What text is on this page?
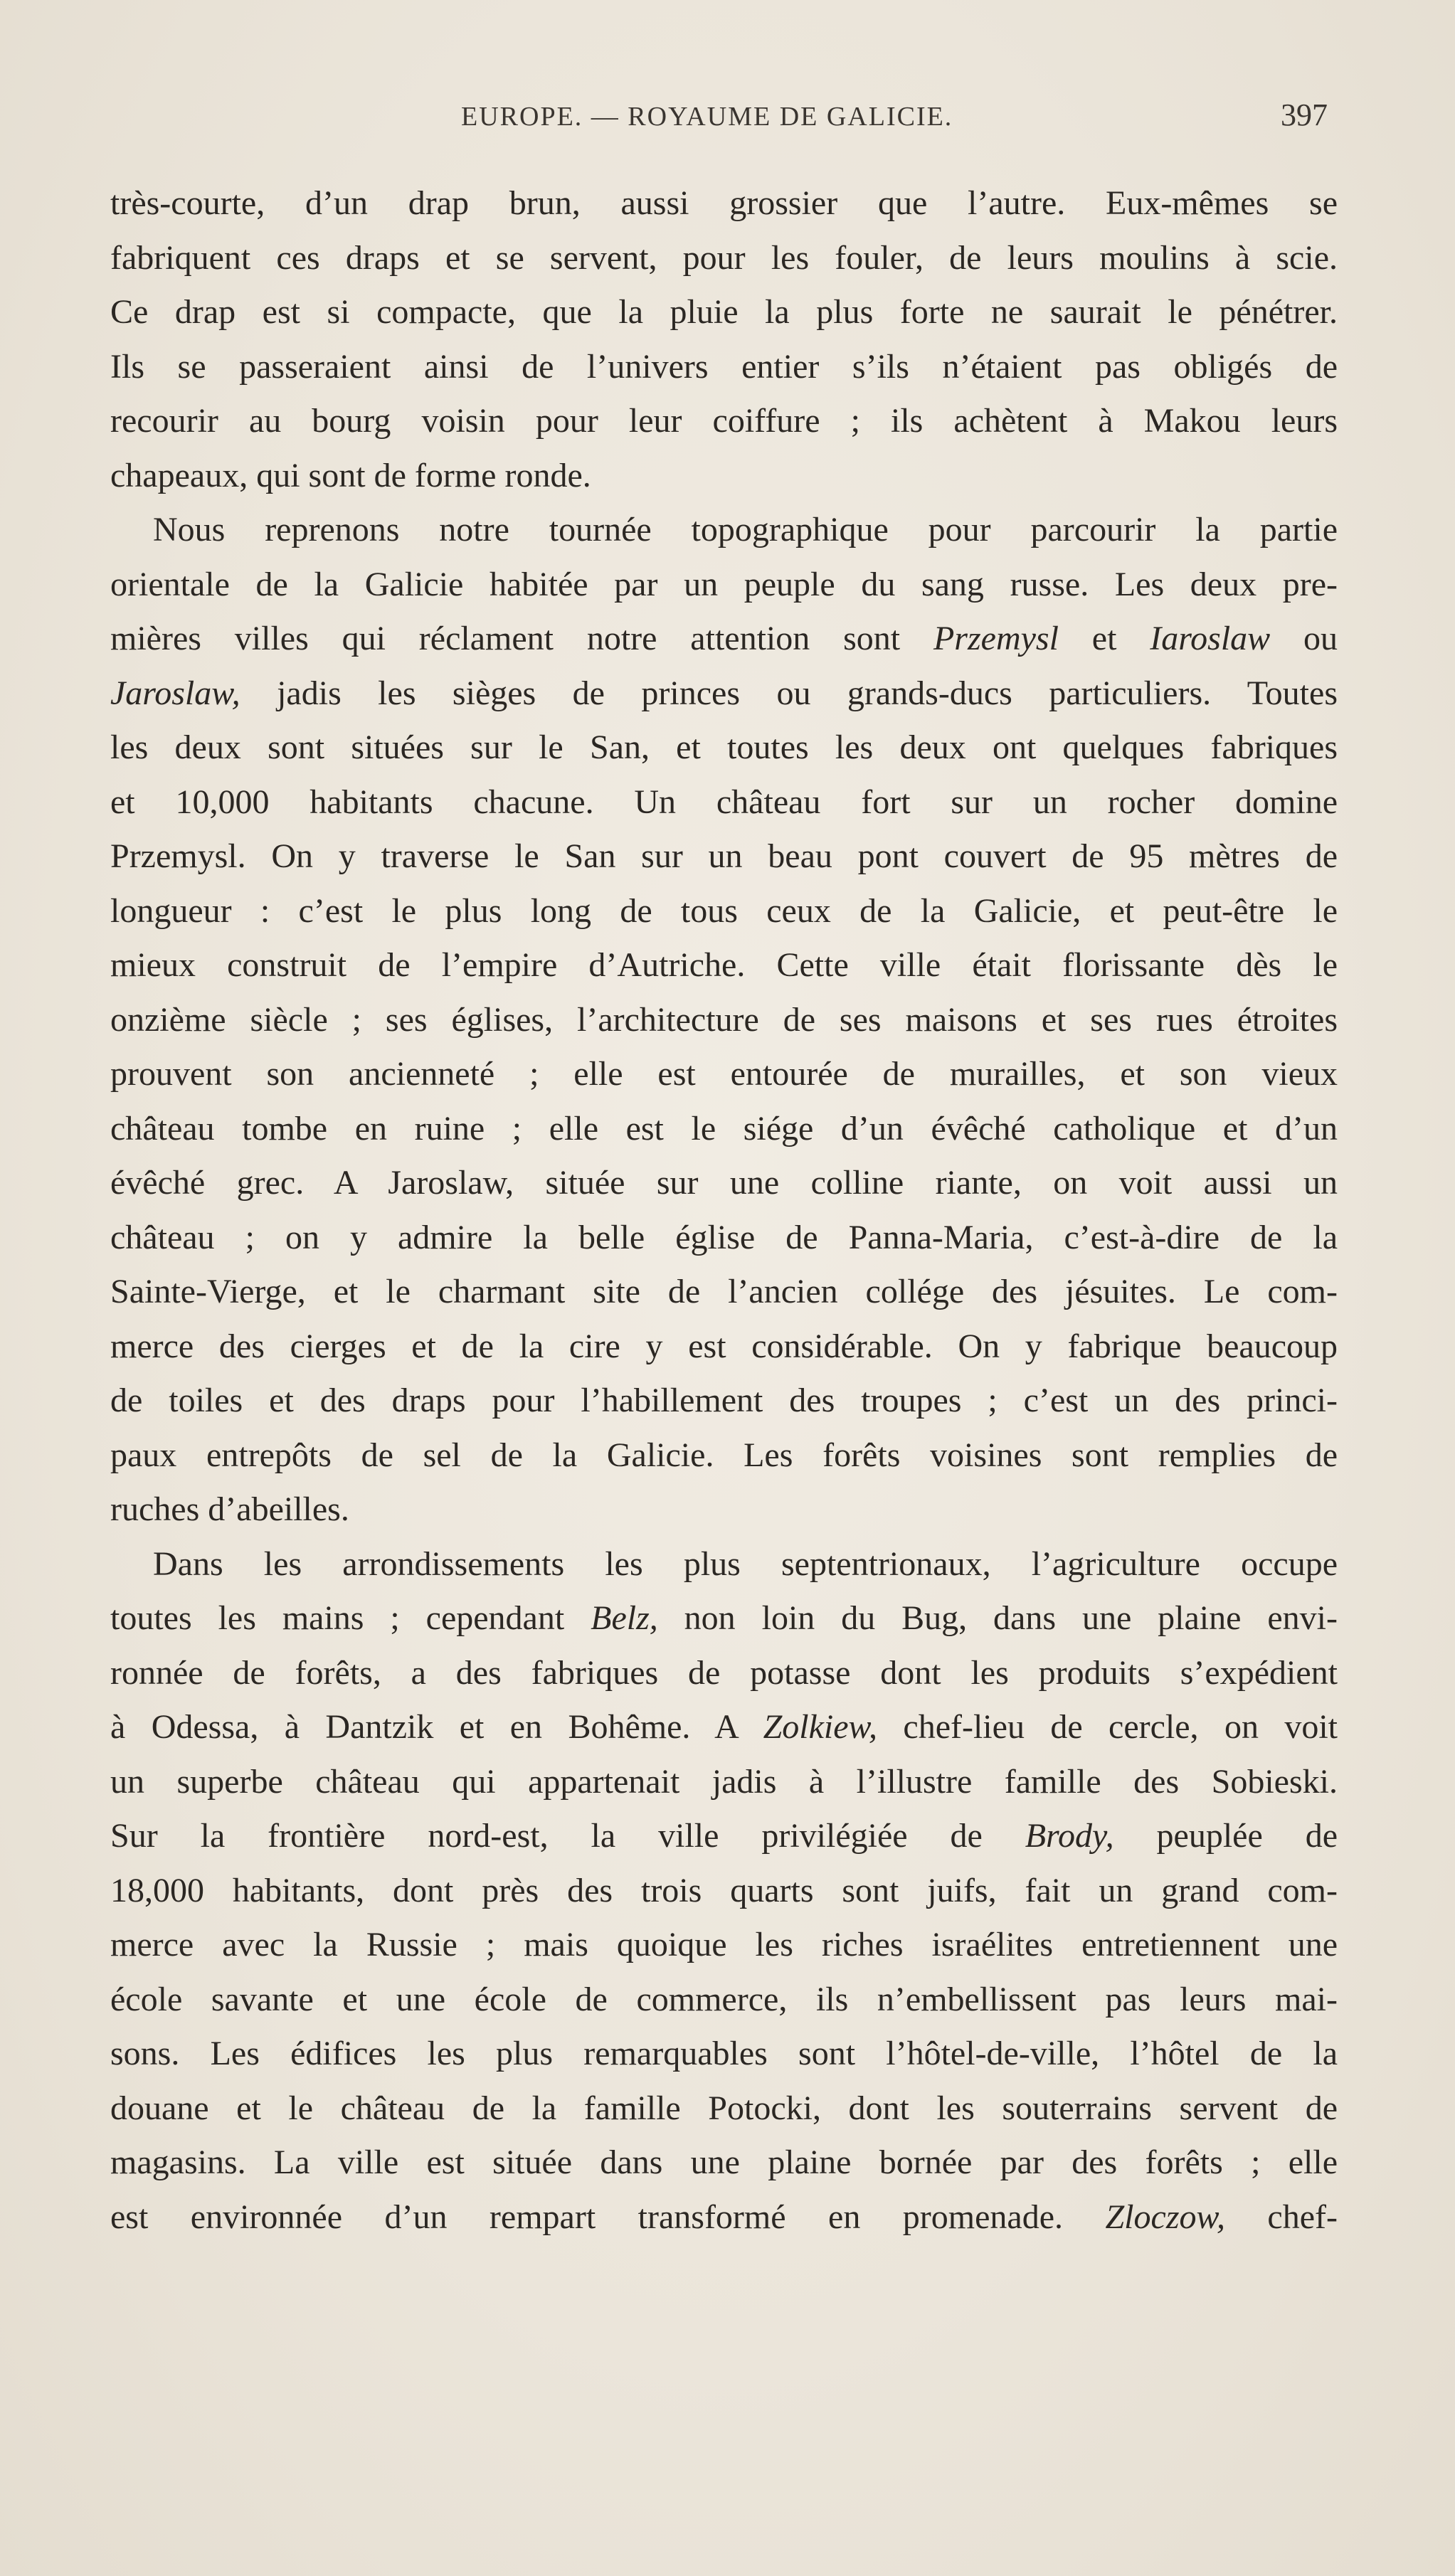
EUROPE. — ROYAUME DE GALICIE.	397
très-courte, d’un drap brun, aussi grossier que l’autre. Eux-mêmes se
fabriquent ces draps et se servent, pour les fouler, de leurs moulins à scie.
Ce drap est si compacte, que la pluie la plus forte ne saurait le pénétrer.
Ils se passeraient ainsi de l’univers entier s’ils n’étaient pas obligés de
recourir au bourg voisin pour leur coiffure ; ils achètent à Makou leurs
chapeaux, qui sont de forme ronde.
Nous reprenons notre tournée topographique pour parcourir la partie
orientale de la Galicie habitée par un peuple du sang russe. Les deux pre-
mières villes qui réclament notre attention sont Przemysl et Iaroslaw ou
Jaroslaw, jadis les sièges de princes ou grands-ducs particuliers. Toutes
les deux sont situées sur le San, et toutes les deux ont quelques fabriques
et 10,000 habitants chacune. Un château fort sur un rocher domine
Przemysl. On y traverse le San sur un beau pont couvert de 95 mètres de
longueur : c’est le plus long de tous ceux de la Galicie, et peut-être le
mieux construit de l’empire d’Autriche. Cette ville était florissante dès le
onzième siècle ; ses églises, l’architecture de ses maisons et ses rues étroites
prouvent son ancienneté ; elle est entourée de murailles, et son vieux
château tombe en ruine ; elle est le siége d’un évêché catholique et d’un
évêché grec. A Jaroslaw, située sur une colline riante, on voit aussi un
château ; on y admire la belle église de Panna-Maria, c’est-à-dire de la
Sainte-Vierge, et le charmant site de l’ancien collége des jésuites. Le com-
merce des cierges et de la cire y est considérable. On y fabrique beaucoup
de toiles et des draps pour l’habillement des troupes ; c’est un des princi-
paux entrepôts de sel de la Galicie. Les forêts voisines sont remplies de
ruches d’abeilles.
Dans les arrondissements les plus septentrionaux, l’agriculture occupe
toutes les mains ; cependant Belz, non loin du Bug, dans une plaine envi-
ronnée de forêts, a des fabriques de potasse dont les produits s’expédient
à Odessa, à Dantzik et en Bohême. A Zolkiew, chef-lieu de cercle, on voit
un superbe château qui appartenait jadis à l’illustre famille des Sobieski.
Sur la frontière nord-est, la ville privilégiée de Brody, peuplée de
18,000 habitants, dont près des trois quarts sont juifs, fait un grand com-
merce avec la Russie ; mais quoique les riches israélites entretiennent une
école savante et une école de commerce, ils n’embellissent pas leurs mai-
sons. Les édifices les plus remarquables sont l’hôtel-de-ville, l’hôtel de la
douane et le château de la famille Potocki, dont les souterrains servent de
magasins. La ville est située dans une plaine bornée par des forêts ; elle
est environnée d’un rempart transformé en promenade. Zloczow, chef-
